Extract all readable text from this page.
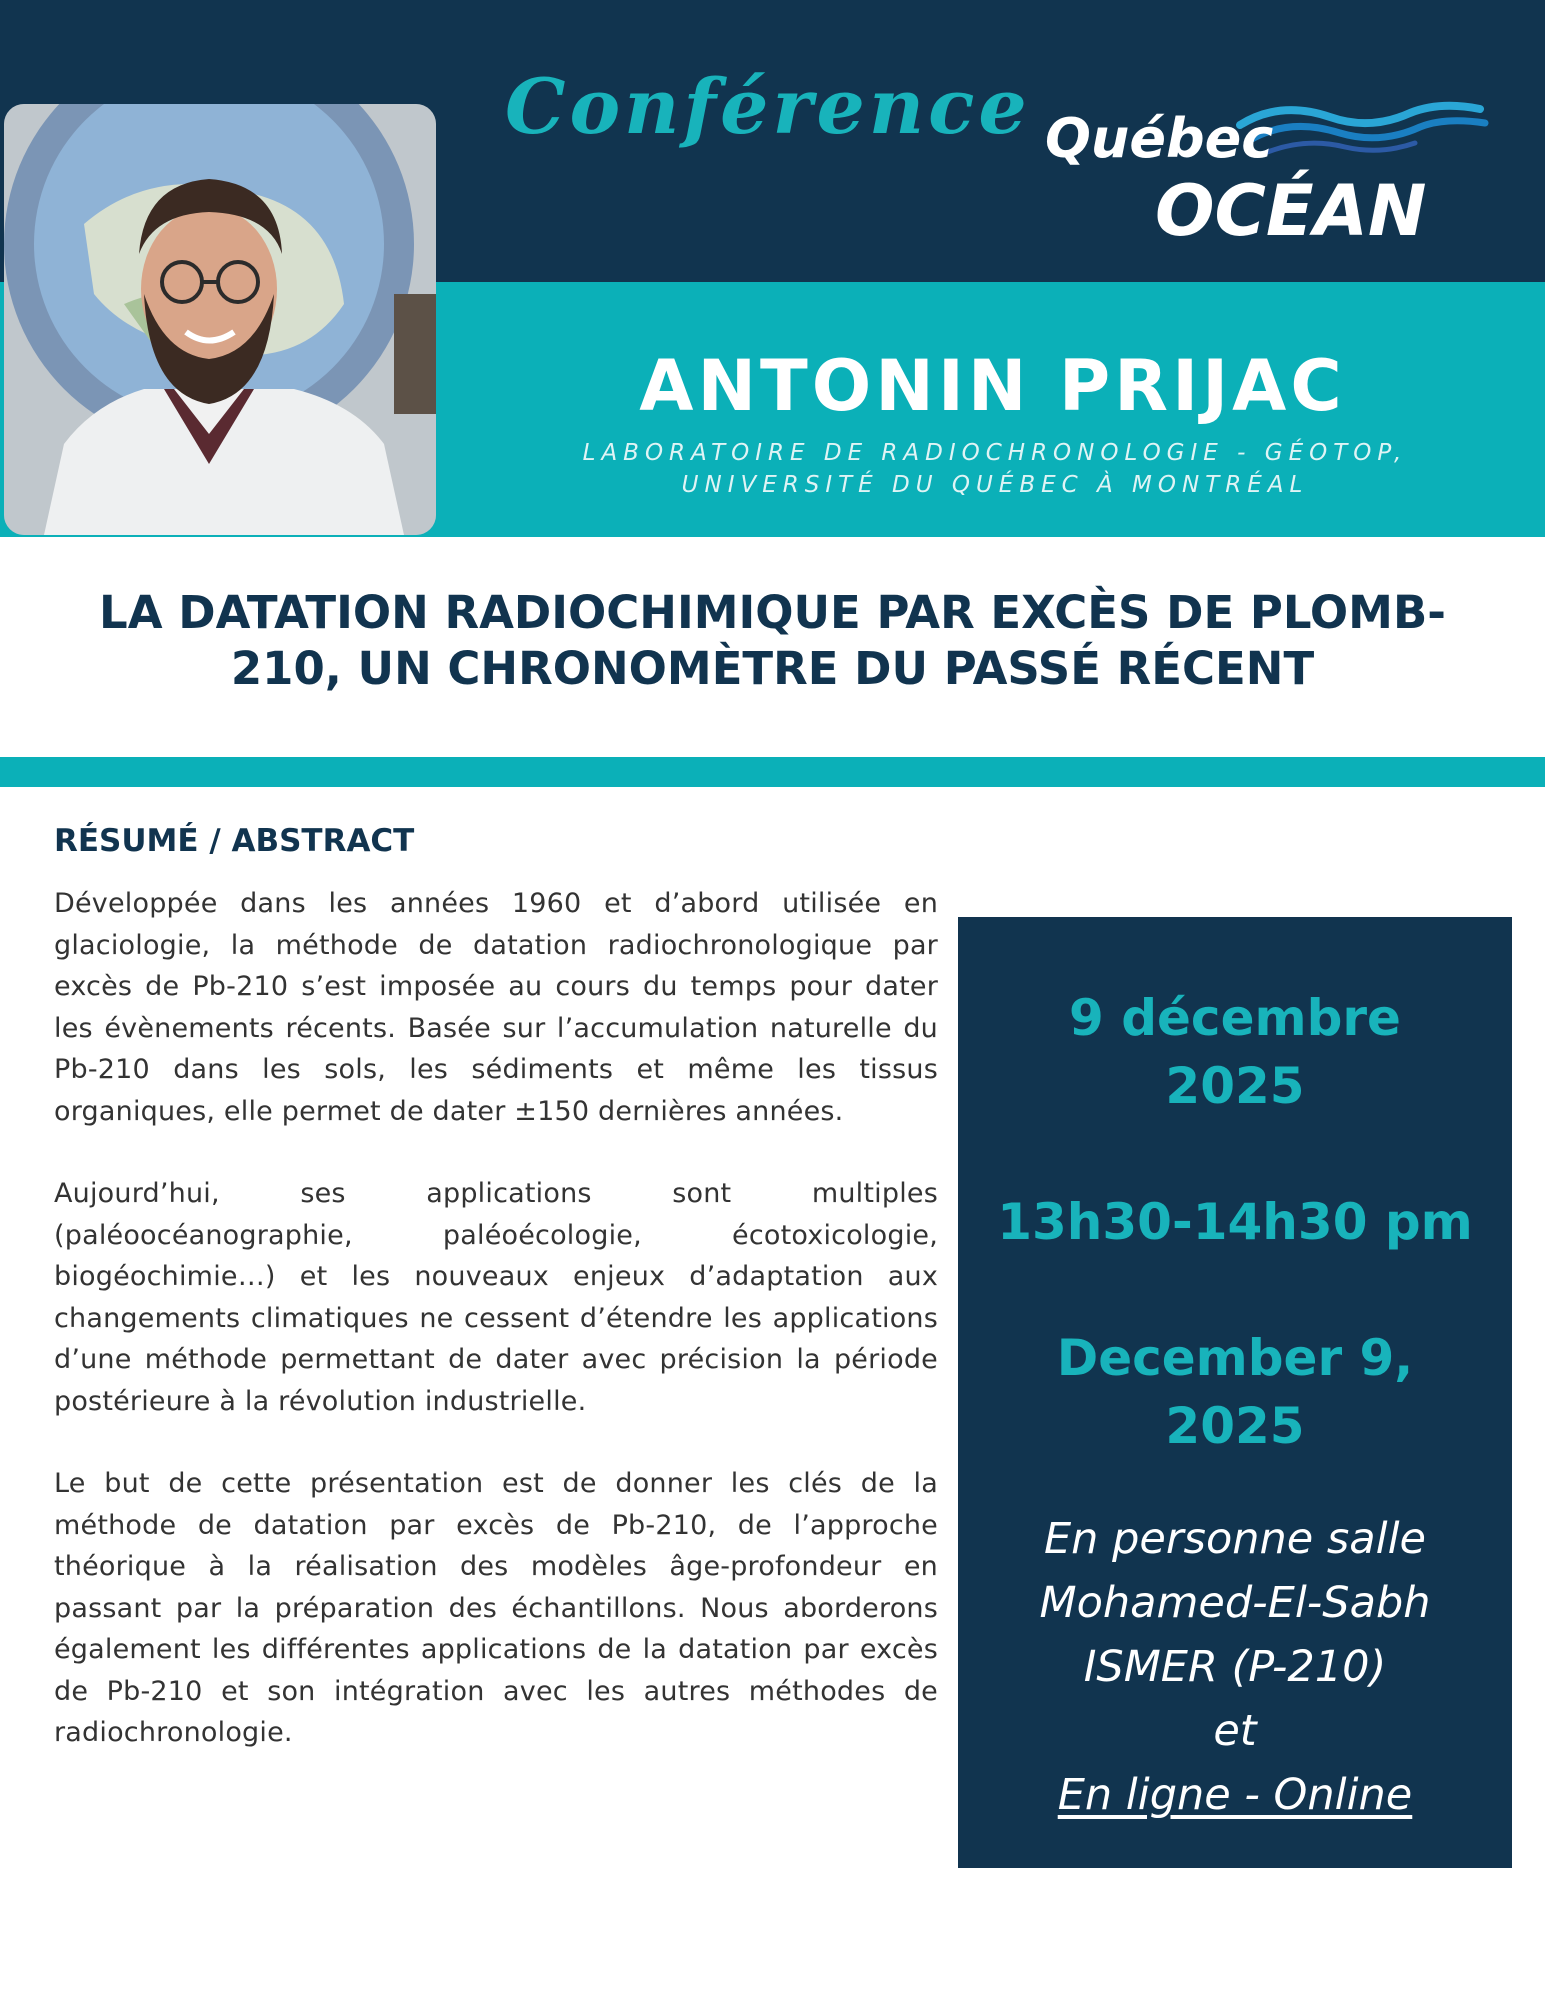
Conférence Québec
OCÉAN
ANTONIN PRIJAC
LABORATOIRE DE RADIOCHRONOLOGIE - GÉOTOP,
UNIVERSITÉ DU QUÉBEC À MONTRÉAL
LA DATATION RADIOCHIMIQUE PAR EXCÈS DE PLOMB-
210, UN CHRONOMÈTRE DU PASSÉ RÉCENT
RÉSUMÉ / ABSTRACT

Développée dans les années 1960 et d’abord utilisée en glaciologie, la méthode de datation radiochronologique par excès de Pb-210 s’est imposée au cours du temps pour dater les évènements récents. Basée sur l’accumulation naturelle du Pb-210 dans les sols, les sédiments et même les tissus organiques, elle permet de dater ±150 dernières années.

Aujourd’hui, ses applications sont multiples (paléoocéanographie, paléoécologie, écotoxicologie, biogéochimie…) et les nouveaux enjeux d’adaptation aux changements climatiques ne cessent d’étendre les applications d’une méthode permettant de dater avec précision la période postérieure à la révolution industrielle.

Le but de cette présentation est de donner les clés de la méthode de datation par excès de Pb-210, de l’approche théorique à la réalisation des modèles âge-profondeur en passant par la préparation des échantillons. Nous aborderons également les différentes applications de la datation par excès de Pb-210 et son intégration avec les autres méthodes de radiochronologie.

9 décembre
2025
13h30-14h30 pm
December 9,
2025
En personne salle
Mohamed-El-Sabh
ISMER (P-210)
et
En ligne - Online
